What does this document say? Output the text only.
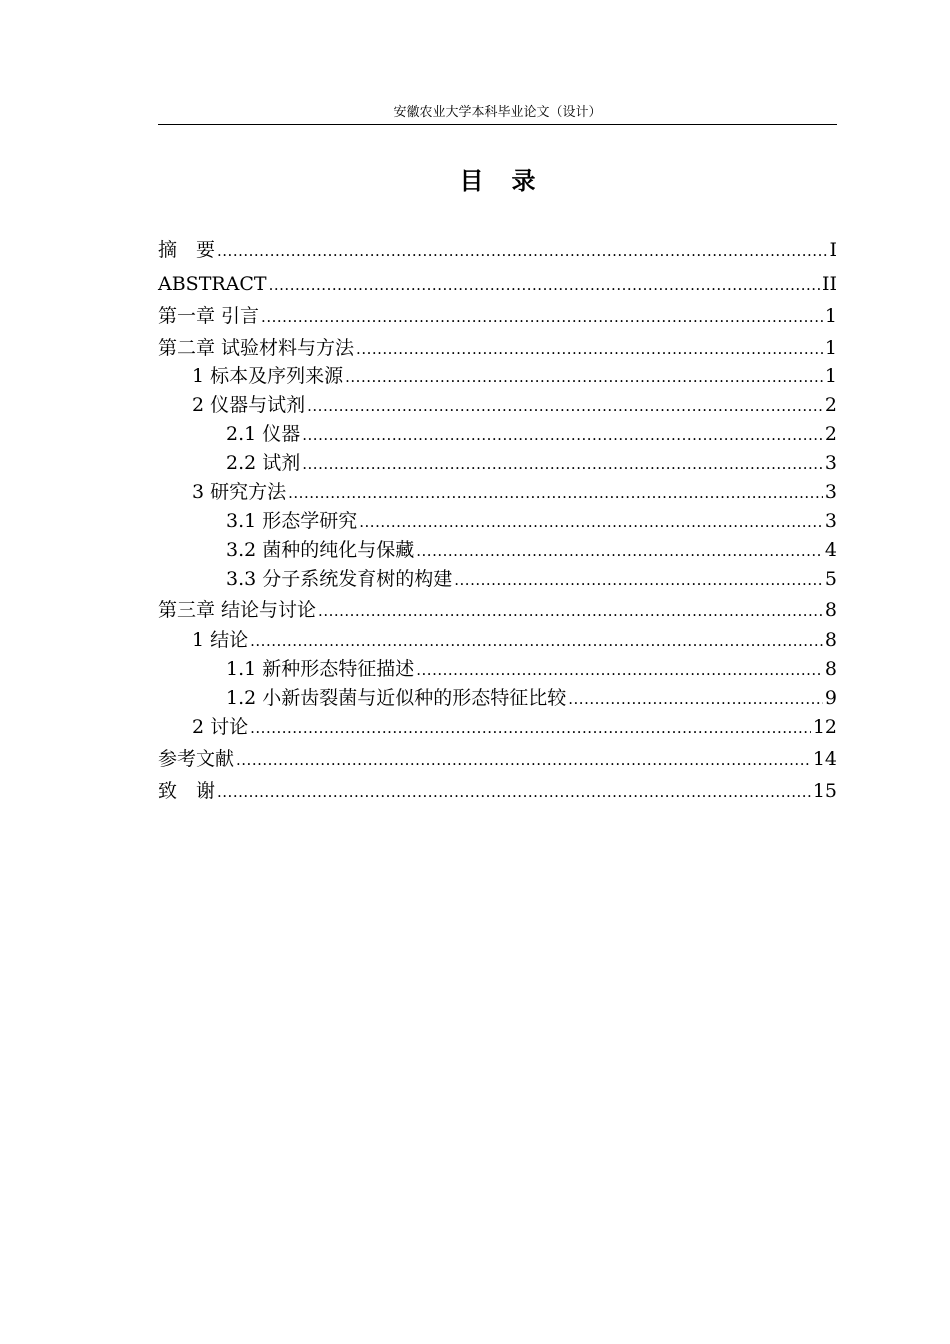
安徽农业大学本科毕业论文（设计）
目录
摘　要 .....	I
ABSTRACT .....	II
第一章 引言 .....	1
第二章 试验材料与方法 .....	1
1 标本及序列来源 .....	1
2 仪器与试剂 .....	2
2.1 仪器 .....	2
2.2 试剂 .....	3
3 研究方法 .....	3
3.1 形态学研究 .....	3
3.2 菌种的纯化与保藏 .....	4
3.3 分子系统发育树的构建 .....	5
第三章 结论与讨论 .....	8
1 结论 .....	8
1.1 新种形态特征描述 .....	8
1.2 小新齿裂菌与近似种的形态特征比较 .....	9
2 讨论 .....	12
参考文献 .....	14
致　谢 .....	15
